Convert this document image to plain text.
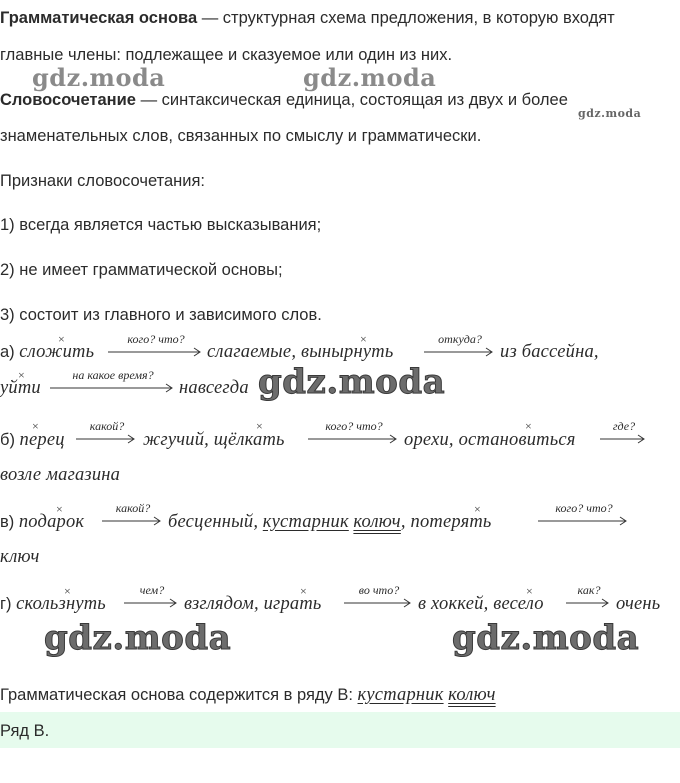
Грамматическая основа — структурная схема предложения, в которую входят
главные члены: подлежащее и сказуемое или один из них.
gdz.moda	gdz.moda
Словосочетание — синтаксическая единица, состоящая из двух и более
gdz.moda
знаменательных слов, связанных по смыслу и грамматически.
Признаки словосочетания:
1) всегда является частью высказывания;
2) не имеет грамматической основы;
3) состоит из главного и зависимого слов.
а) сложить
×	кого? что?
слагаемые, вынырнуть
×	откуда?
из бассейна,
уйти
×	на какое время?
навсегда gdz.moda
б) перец
×	какой?
жгучий, щёлкать
×	кого? что?
орехи, остановиться
×	где?
возле магазина
в) подарок
×	какой?
бесценный, кустарник колюч, потерять
×	кого? что?
ключ
г) скользнуть
×	чем?
взглядом, играть
×	во что?
в хоккей, весело
×	как?
очень
gdz.moda	gdz.moda
Грамматическая основа содержится в ряду В: кустарник колюч
Ряд В.
